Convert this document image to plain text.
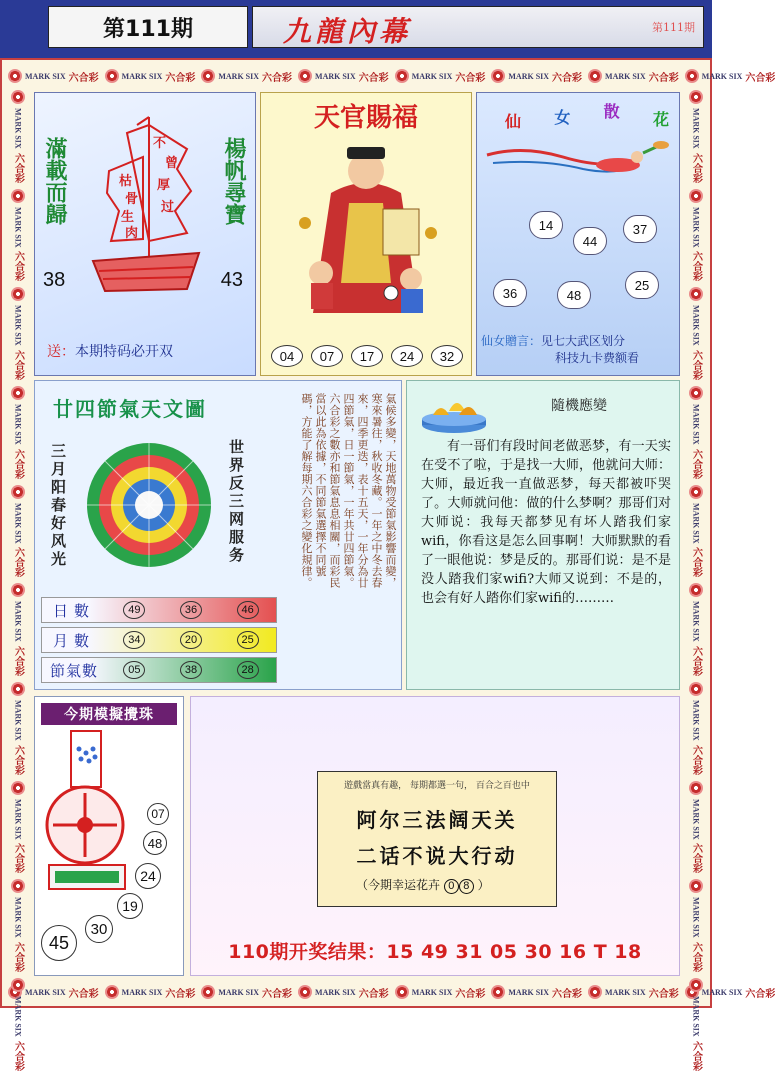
第111期	九龍內幕	第111期
MARK SIX 六合彩	MARK SIX 六合彩	MARK SIX 六合彩	MARK SIX 六合彩	MARK SIX 六合彩	MARK SIX 六合彩	MARK SIX 六合彩	MARK SIX 六合彩
MARK SIX 六合彩	MARK SIX 六合彩	MARK SIX 六合彩	MARK SIX 六合彩	MARK SIX 六合彩	MARK SIX 六合彩	MARK SIX 六合彩	MARK SIX 六合彩
MARK SIX
六合彩
MARK SIX
六合彩
MARK SIX
六合彩
MARK SIX
六合彩
MARK SIX
六合彩
MARK SIX
六合彩
MARK SIX
六合彩
MARK SIX
六合彩
MARK SIX
六合彩
MARK SIX
六合彩
MARK SIX
六合彩
MARK SIX
六合彩
MARK SIX
六合彩
MARK SIX
六合彩
MARK SIX
六合彩
MARK SIX
六合彩
MARK SIX
六合彩
MARK SIX
六合彩
MARK SIX
六合彩
MARK SIX
六合彩
滿載而歸	楊帆尋寶
不
曾
厚
过
枯
骨
生
肉
38	43
送：本期特码必开双
天官賜福
04	07	17	24	32
仙 女 散 花
14
44
37
36	48
25
仙女贈言：见七大武区划分
科技九卡费额看
廿四節氣天文圖
三月阳春好风光	世界反三网服务	氣候多變，天地萬物受節氣影響而變，寒來暑往，秋收冬藏。一年之中冬去春來，四季更迭，表十五天，一年分為廿四節氣，日一節氣，一年共廿四節氣。六合彩之數亦和節氣息息相關，而彩民當以此為依據，不同節氣選擇不同號碼，方能了解每期六合彩之變化規律。
日數	49	36	46
月數	34	20	25
節氣數	05	38	28
隨機應變
有一哥们有段时间老做恶梦，有一天实在受不了啦，于是找一大师，他就问大师：大师，最近我一直做恶梦，每天都被吓哭了。大师就问他：做的什么梦啊？那哥们对大师说：我每天都梦见有坏人踏我们家wifi，你看这是怎么回事啊！大师默默的看了一眼他说：梦是反的。那哥们说：是不是没人踏我们家wifi?大师又说到：不是的，也会有好人踏你们家wifi的………
今期模擬攪珠
07
48
24
19
30
45
遊戲當真有趣， 每期都選一句， 百合之百也中
阿尔三法阔天关
二话不说大行动
（今期幸运花卉 0 8 ）
110期开奖结果：15 49 31 05 30 16 T 18
